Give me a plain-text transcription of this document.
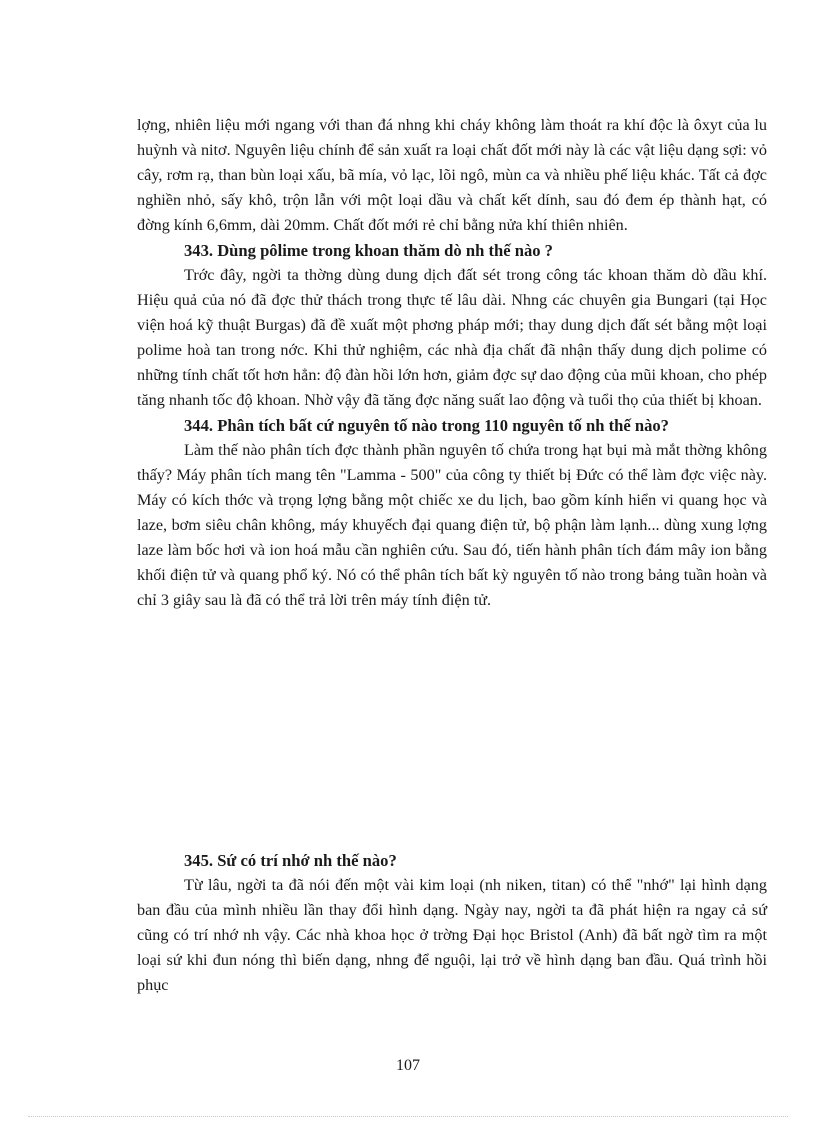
lợng, nhiên liệu mới ngang với than đá nhng khi cháy không làm thoát ra khí độc là ôxyt của lu huỳnh và nitơ. Nguyên liệu chính để sản xuất ra loại chất đốt mới này là các vật liệu dạng sợi: vỏ cây, rơm rạ, than bùn loại xấu, bã mía, vỏ lạc, lõi ngô, mùn ca và nhiều phế liệu khác. Tất cả đợc nghiền nhỏ, sấy khô, trộn lẫn với một loại dầu và chất kết dính, sau đó đem ép thành hạt, có đờng kính 6,6mm, dài 20mm. Chất đốt mới rẻ chỉ bằng nửa khí thiên nhiên.

343. Dùng pôlime trong khoan thăm dò nh thế nào ?

Trớc đây, ngời ta thờng dùng dung dịch đất sét trong công tác khoan thăm dò dầu khí. Hiệu quả của nó đã đợc thử thách trong thực tế lâu dài. Nhng các chuyên gia Bungari (tại Học viện hoá kỹ thuật Burgas) đã đề xuất một phơng pháp mới; thay dung dịch đất sét bằng một loại polime hoà tan trong nớc. Khi thử nghiệm, các nhà địa chất đã nhận thấy dung dịch polime có những tính chất tốt hơn hẳn: độ đàn hồi lớn hơn, giảm đợc sự dao động của mũi khoan, cho phép tăng nhanh tốc độ khoan. Nhờ vậy đã tăng đợc năng suất lao động và tuổi thọ của thiết bị khoan.

344. Phân tích bất cứ nguyên tố nào trong 110 nguyên tố nh thế nào?

Làm thế nào phân tích đợc thành phần nguyên tố chứa trong hạt bụi mà mắt thờng không thấy? Máy phân tích mang tên "Lamma - 500" của công ty thiết bị Đức có thể làm đợc việc này. Máy có kích thớc và trọng lợng bằng một chiếc xe du lịch, bao gồm kính hiển vi quang học và laze, bơm siêu chân không, máy khuyếch đại quang điện tử, bộ phận làm lạnh... dùng xung lợng laze làm bốc hơi và ion hoá mẫu cần nghiên cứu. Sau đó, tiến hành phân tích đám mây ion bằng khối điện tử và quang phổ ký. Nó có thể phân tích bất kỳ nguyên tố nào trong bảng tuần hoàn và chỉ 3 giây sau là đã có thể trả lời trên máy tính điện tử.

345. Sứ có trí nhớ nh thế nào?

Từ lâu, ngời ta đã nói đến một vài kim loại (nh niken, titan) có thể "nhớ" lại hình dạng ban đầu của mình nhiều lần thay đổi hình dạng. Ngày nay, ngời ta đã phát hiện ra ngay cả sứ cũng có trí nhớ nh vậy. Các nhà khoa học ở trờng Đại học Bristol (Anh) đã bất ngờ tìm ra một loại sứ khi đun nóng thì biến dạng, nhng để nguội, lại trở về hình dạng ban đầu. Quá trình hồi phục

107
